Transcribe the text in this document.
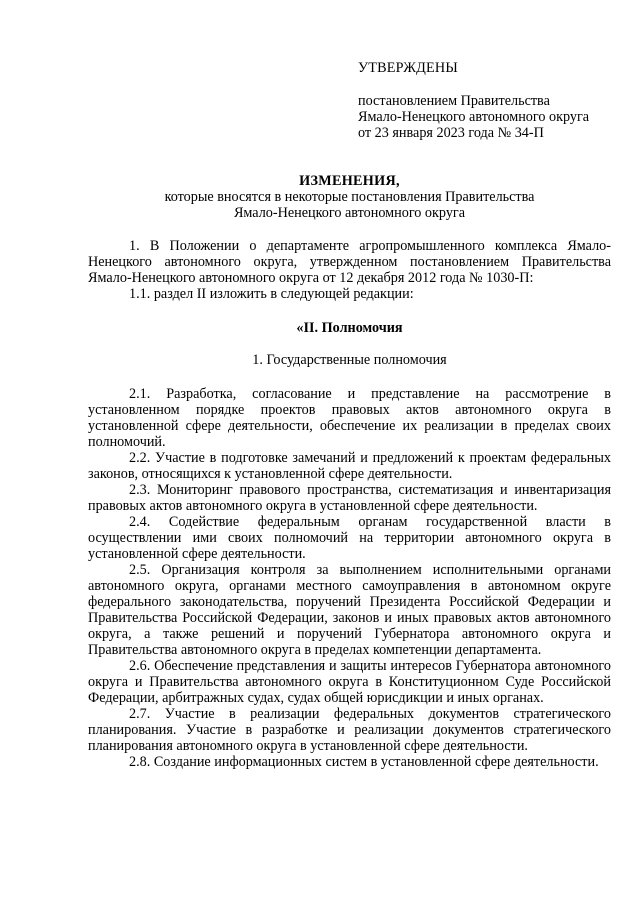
УТВЕРЖДЕНЫ
постановлением Правительства
Ямало-Ненецкого автономного округа
от 23 января 2023 года № 34-П
ИЗМЕНЕНИЯ,
которые вносятся в некоторые постановления Правительства
Ямало-Ненецкого автономного округа

1. В Положении о департаменте агропромышленного комплекса Ямало-Ненецкого автономного округа, утвержденном постановлением Правительства Ямало-Ненецкого автономного округа от 12 декабря 2012 года № 1030-П:

1.1. раздел II изложить в следующей редакции:

«II. Полномочия

1. Государственные полномочия

2.1. Разработка, согласование и представление на рассмотрение в установленном порядке проектов правовых актов автономного округа в установленной сфере деятельности, обеспечение их реализации в пределах своих полномочий.

2.2. Участие в подготовке замечаний и предложений к проектам федеральных законов, относящихся к установленной сфере деятельности.

2.3. Мониторинг правового пространства, систематизация и инвентаризация правовых актов автономного округа в установленной сфере деятельности.

2.4. Содействие федеральным органам государственной власти в осуществлении ими своих полномочий на территории автономного округа в установленной сфере деятельности.

2.5. Организация контроля за выполнением исполнительными органами автономного округа, органами местного самоуправления в автономном округе федерального законодательства, поручений Президента Российской Федерации и Правительства Российской Федерации, законов и иных правовых актов автономного округа, а также решений и поручений Губернатора автономного округа и Правительства автономного округа в пределах компетенции департамента.

2.6. Обеспечение представления и защиты интересов Губернатора автономного округа и Правительства автономного округа в Конституционном Суде Российской Федерации, арбитражных судах, судах общей юрисдикции и иных органах.

2.7. Участие в реализации федеральных документов стратегического планирования. Участие в разработке и реализации документов стратегического планирования автономного округа в установленной сфере деятельности.

2.8. Создание информационных систем в установленной сфере деятельности.
